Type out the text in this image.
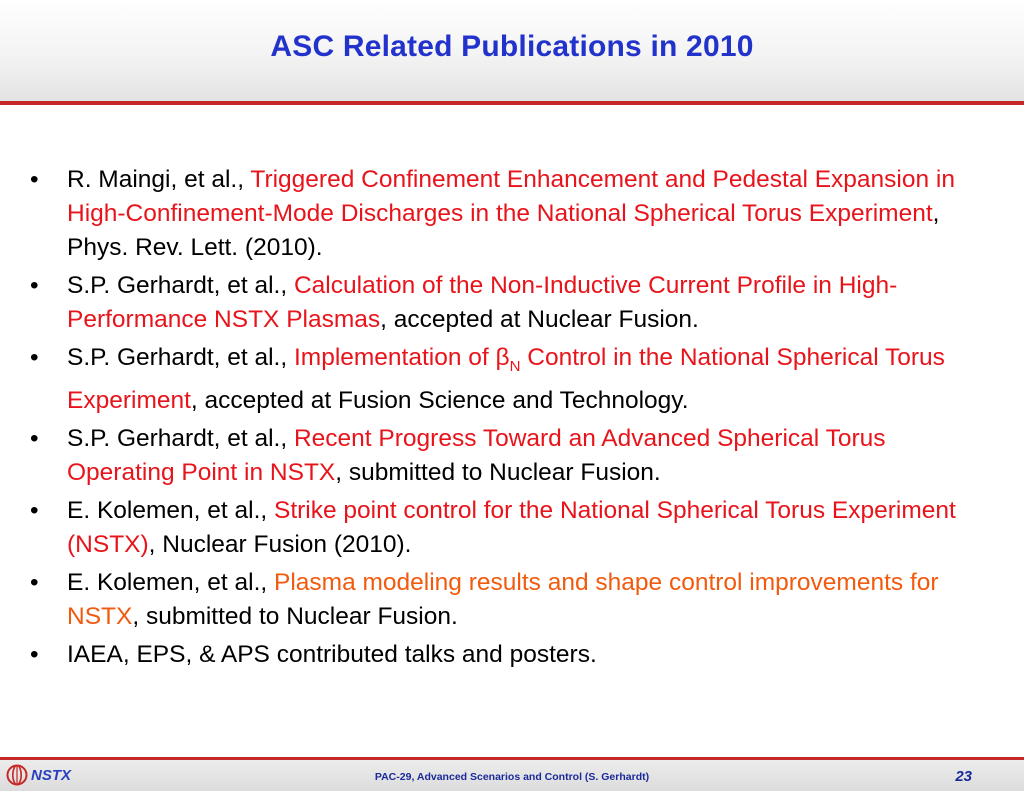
ASC Related Publications in 2010
• R. Maingi, et al., Triggered Confinement Enhancement and Pedestal Expansion in High-Confinement-Mode Discharges in the National Spherical Torus Experiment, Phys. Rev. Lett. (2010).
• S.P. Gerhardt, et al., Calculation of the Non-Inductive Current Profile in High-Performance NSTX Plasmas, accepted at Nuclear Fusion.
• S.P. Gerhardt, et al., Implementation of $\beta_N$ Control in the National Spherical Torus Experiment, accepted at Fusion Science and Technology.
• S.P. Gerhardt, et al., Recent Progress Toward an Advanced Spherical Torus Operating Point in NSTX, submitted to Nuclear Fusion.
• E. Kolemen, et al., Strike point control for the National Spherical Torus Experiment (NSTX), Nuclear Fusion (2010).
• E. Kolemen, et al., Plasma modeling results and shape control improvements for NSTX, submitted to Nuclear Fusion.
• IAEA, EPS, & APS contributed talks and posters.
NSTX	PAC-29, Advanced Scenarios and Control (S. Gerhardt)	23
